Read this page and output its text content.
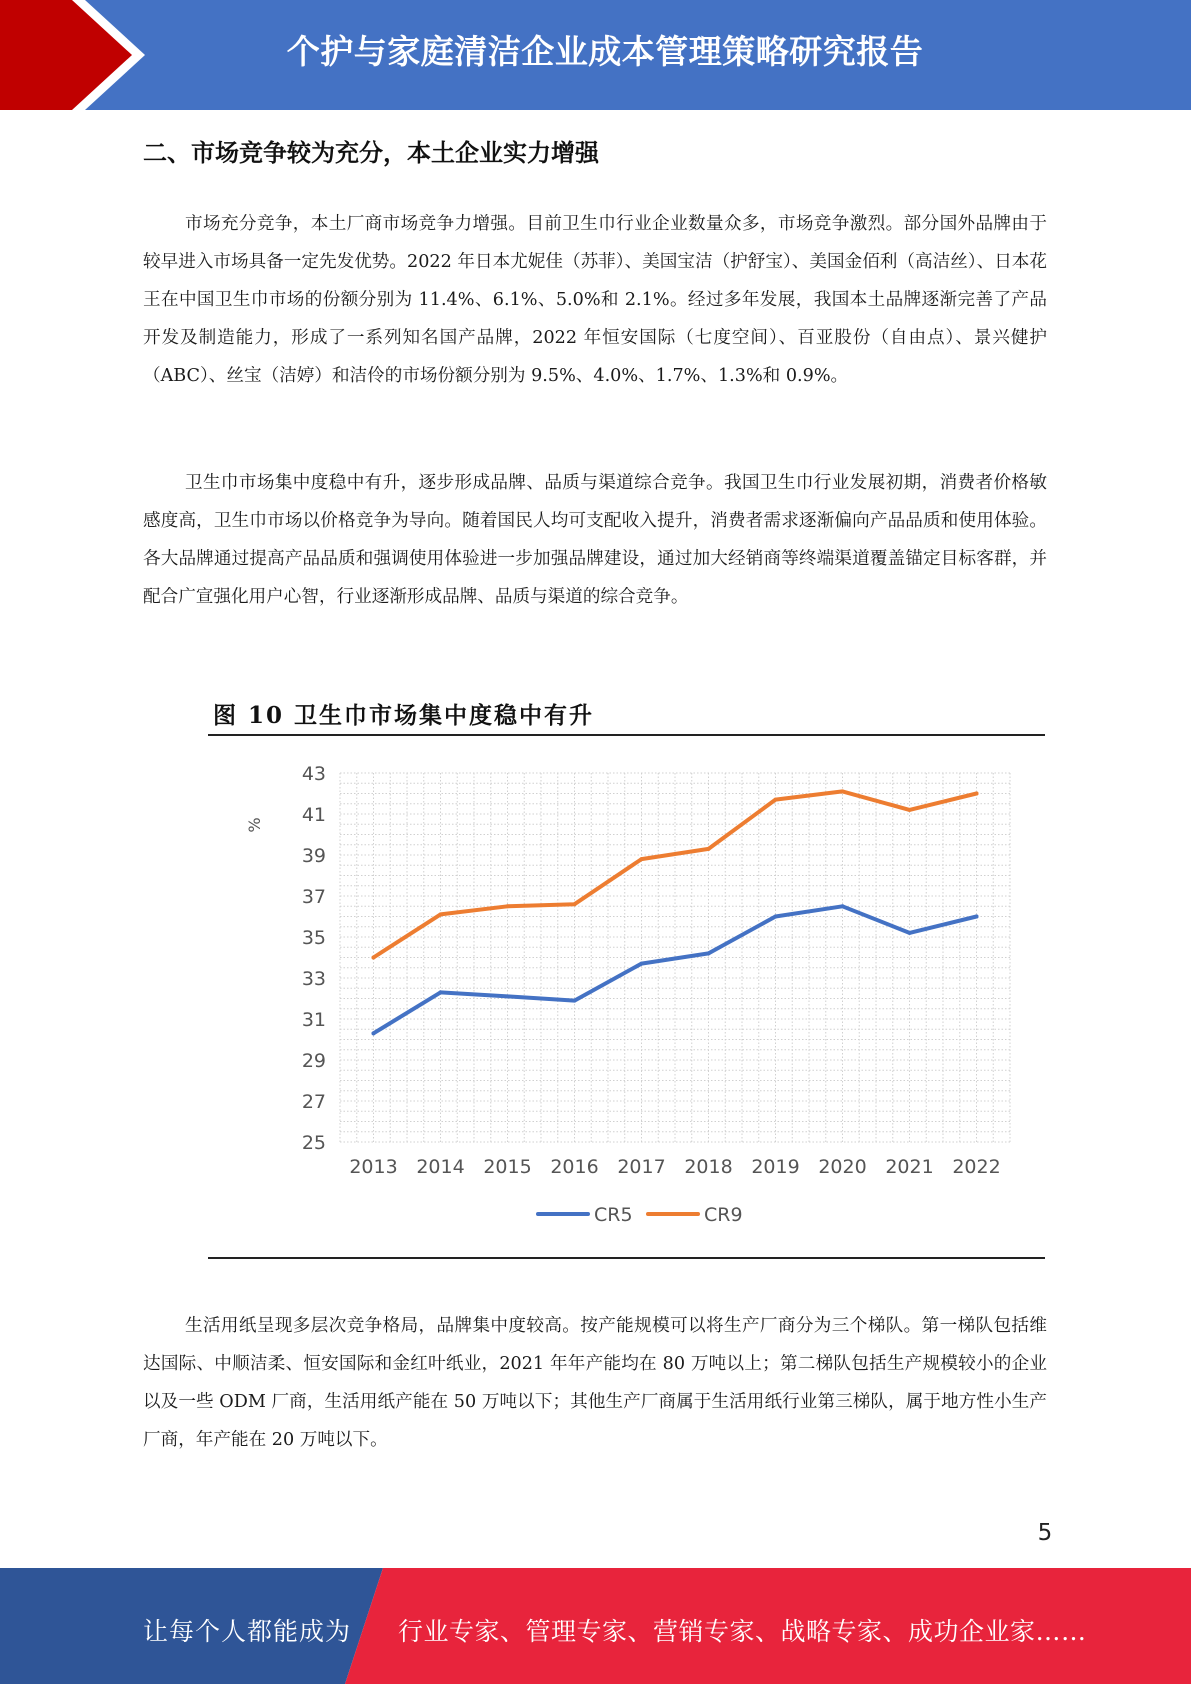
个护与家庭清洁企业成本管理策略研究报告
二、市场竞争较为充分，本土企业实力增强

市场充分竞争，本土厂商市场竞争力增强。目前卫生巾行业企业数量众多，市场竞争激烈。部分国外品牌由于较早进入市场具备一定先发优势。2022 年日本尤妮佳（苏菲）、美国宝洁（护舒宝）、美国金佰利（高洁丝）、日本花王在中国卫生巾市场的份额分别为 11.4%、6.1%、5.0%和 2.1%。经过多年发展，我国本土品牌逐渐完善了产品开发及制造能力，形成了一系列知名国产品牌，2022 年恒安国际（七度空间）、百亚股份（自由点）、景兴健护（ABC）、丝宝（洁婷）和洁伶的市场份额分别为 9.5%、4.0%、1.7%、1.3%和 0.9%。

卫生巾市场集中度稳中有升，逐步形成品牌、品质与渠道综合竞争。我国卫生巾行业发展初期，消费者价格敏感度高，卫生巾市场以价格竞争为导向。随着国民人均可支配收入提升，消费者需求逐渐偏向产品品质和使用体验。各大品牌通过提高产品品质和强调使用体验进一步加强品牌建设，通过加大经销商等终端渠道覆盖锚定目标客群，并配合广宣强化用户心智，行业逐渐形成品牌、品质与渠道的综合竞争。

图 10 卫生巾市场集中度稳中有升
25
27
29
31
33
35
37
39
41
43
%
2013 2014 2015 2016 2017 2018 2019 2020 2021 2022
CR5	CR9

生活用纸呈现多层次竞争格局，品牌集中度较高。按产能规模可以将生产厂商分为三个梯队。第一梯队包括维达国际、中顺洁柔、恒安国际和金红叶纸业，2021 年年产能均在 80 万吨以上；第二梯队包括生产规模较小的企业以及一些 ODM 厂商，生活用纸产能在 50 万吨以下；其他生产厂商属于生活用纸行业第三梯队，属于地方性小生产厂商，年产能在 20 万吨以下。

5
让每个人都能成为 行业专家、管理专家、营销专家、战略专家、成功企业家……
